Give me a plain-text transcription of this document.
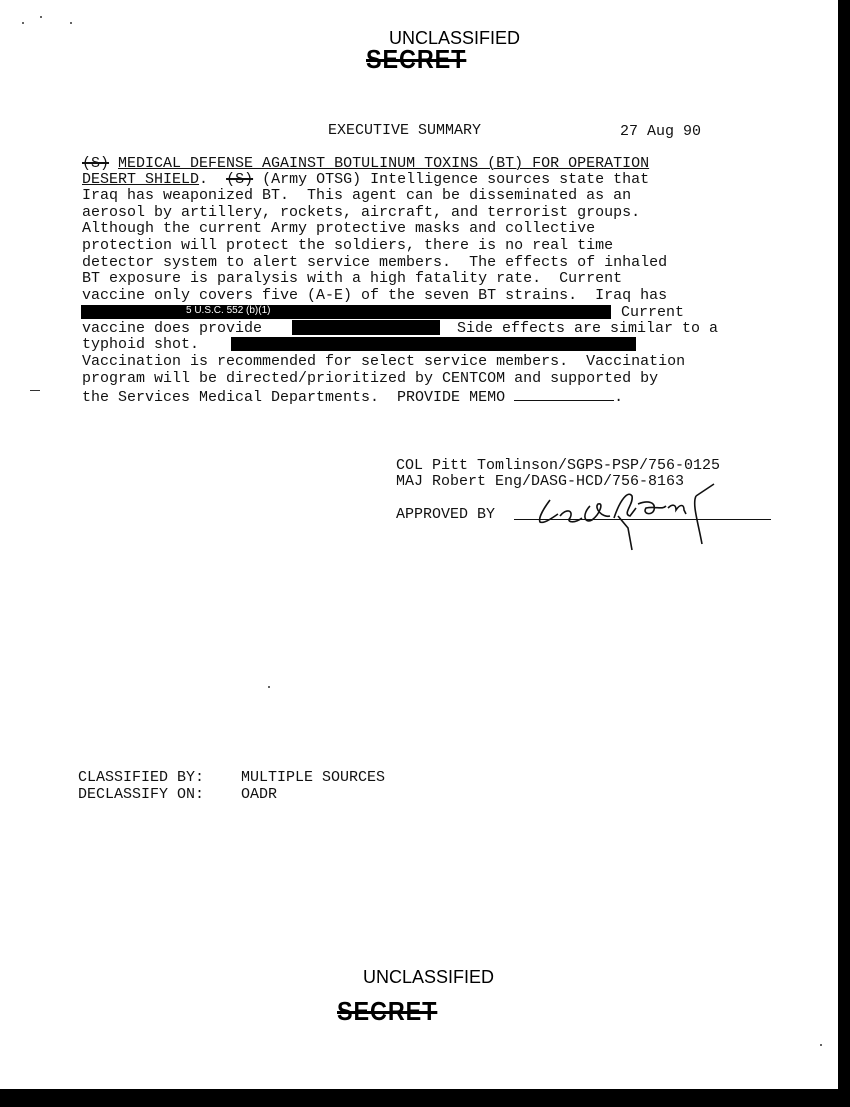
UNCLASSIFIED
SECRET
EXECUTIVE SUMMARY	27 Aug 90
(S) MEDICAL DEFENSE AGAINST BOTULINUM TOXINS (BT) FOR OPERATION
DESERT SHIELD. (S) (Army OTSG) Intelligence sources state that
Iraq has weaponized BT.  This agent can be disseminated as an
aerosol by artillery, rockets, aircraft, and terrorist groups.
Although the current Army protective masks and collective
protection will protect the soldiers, there is no real time
detector system to alert service members.  The effects of inhaled
BT exposure is paralysis with a high fatality rate.  Current
vaccine only covers five (A-E) of the seven BT strains.  Iraq has
5 U.S.C. 552 (b)(1)	Current
vaccine does provide	Side effects are similar to a
typhoid shot.
Vaccination is recommended for select service members.  Vaccination
program will be directed/prioritized by CENTCOM and supported by
the Services Medical Departments.  PROVIDE MEMO	.
COL Pitt Tomlinson/SGPS-PSP/756-0125
MAJ Robert Eng/DASG-HCD/756-8163
APPROVED BY
CLASSIFIED BY: MULTIPLE SOURCES
DECLASSIFY ON: OADR
UNCLASSIFIED
SECRET
